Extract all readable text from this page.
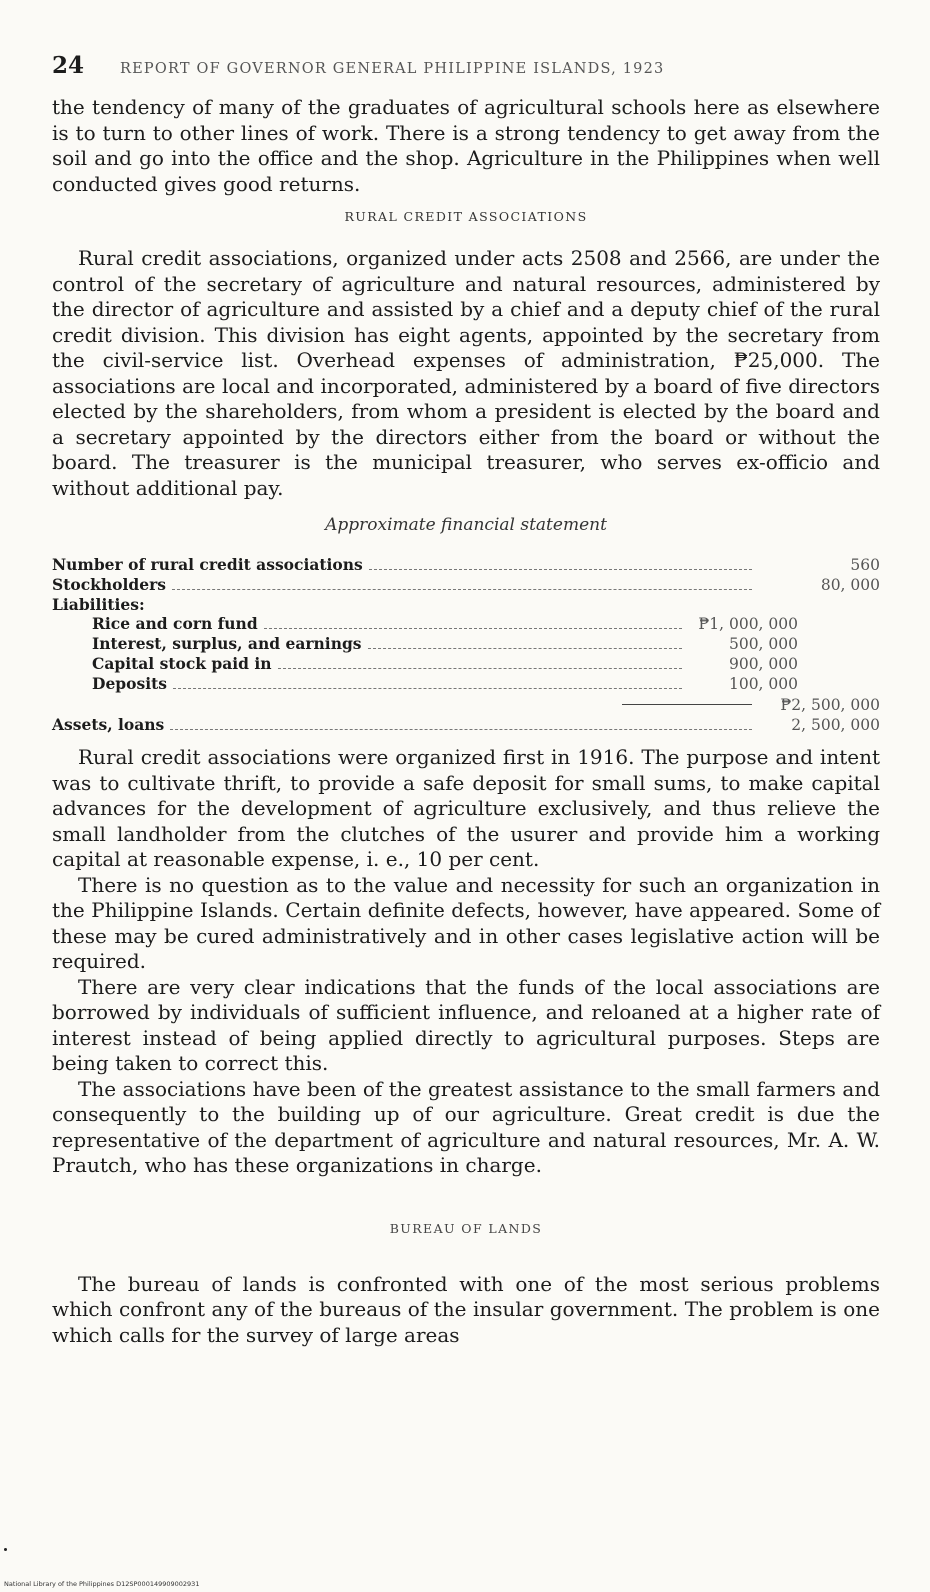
24 REPORT OF GOVERNOR GENERAL PHILIPPINE ISLANDS, 1923

the tendency of many of the graduates of agricultural schools here as elsewhere is to turn to other lines of work. There is a strong tendency to get away from the soil and go into the office and the shop. Agriculture in the Philippines when well conducted gives good returns.

RURAL CREDIT ASSOCIATIONS

Rural credit associations, organized under acts 2508 and 2566, are under the control of the secretary of agriculture and natural resources, administered by the director of agriculture and assisted by a chief and a deputy chief of the rural credit division. This division has eight agents, appointed by the secretary from the civil-service list. Overhead expenses of administration, ₱25,000. The associations are local and incorporated, administered by a board of five directors elected by the shareholders, from whom a president is elected by the board and a secretary appointed by the directors either from the board or without the board. The treasurer is the municipal treasurer, who serves ex-officio and without additional pay.

Approximate financial statement
Number of rural credit associations	560
Stockholders	80, 000
Liabilities:
Rice and corn fund	₱1, 000, 000
Interest, surplus, and earnings	500, 000
Capital stock paid in	900, 000
Deposits	100, 000
₱2, 500, 000
Assets, loans	2, 500, 000

Rural credit associations were organized first in 1916. The purpose and intent was to cultivate thrift, to provide a safe deposit for small sums, to make capital advances for the development of agriculture exclusively, and thus relieve the small landholder from the clutches of the usurer and provide him a working capital at reasonable expense, i. e., 10 per cent.

There is no question as to the value and necessity for such an organization in the Philippine Islands. Certain definite defects, however, have appeared. Some of these may be cured administratively and in other cases legislative action will be required.

There are very clear indications that the funds of the local associations are borrowed by individuals of sufficient influence, and reloaned at a higher rate of interest instead of being applied directly to agricultural purposes. Steps are being taken to correct this.

The associations have been of the greatest assistance to the small farmers and consequently to the building up of our agriculture. Great credit is due the representative of the department of agriculture and natural resources, Mr. A. W. Prautch, who has these organizations in charge.

BUREAU OF LANDS

The bureau of lands is confronted with one of the most serious problems which confront any of the bureaus of the insular government. The problem is one which calls for the survey of large areas

National Library of the Philippines D12SP000149909002931
